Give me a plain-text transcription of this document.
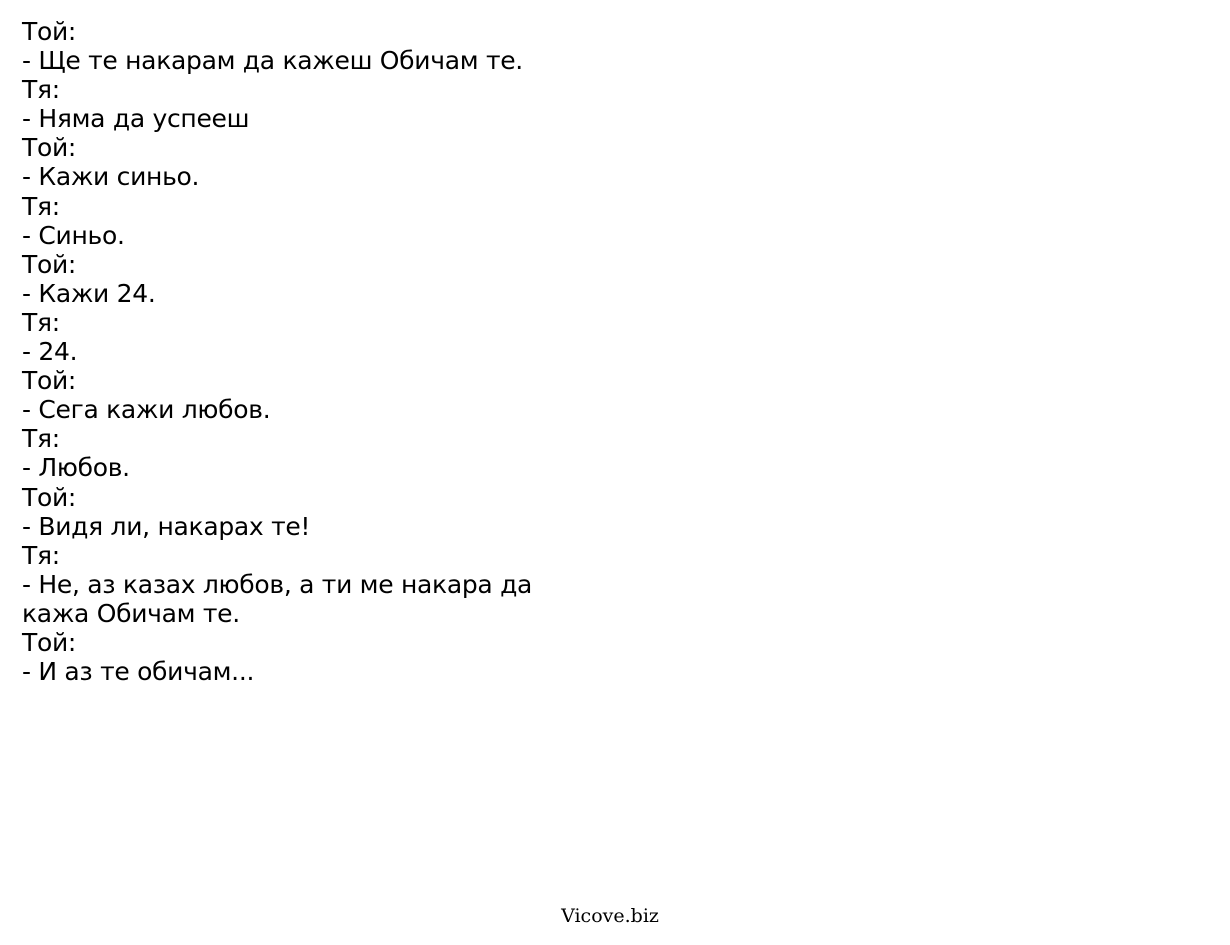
Той:

- Ще те накарам да кажеш Обичам те.

Тя:

- Няма да успееш

Той:

- Кажи синьо.

Тя:

- Синьо.

Той:

- Кажи 24.

Тя:

- 24.

Той:

- Сега кажи любов.

Тя:

- Любов.

Той:

- Видя ли, накарах те!

Тя:

- Не, аз казах любов, а ти ме накара да

кажа Обичам те.

Той:

- И аз те обичам...

Vicove.biz
